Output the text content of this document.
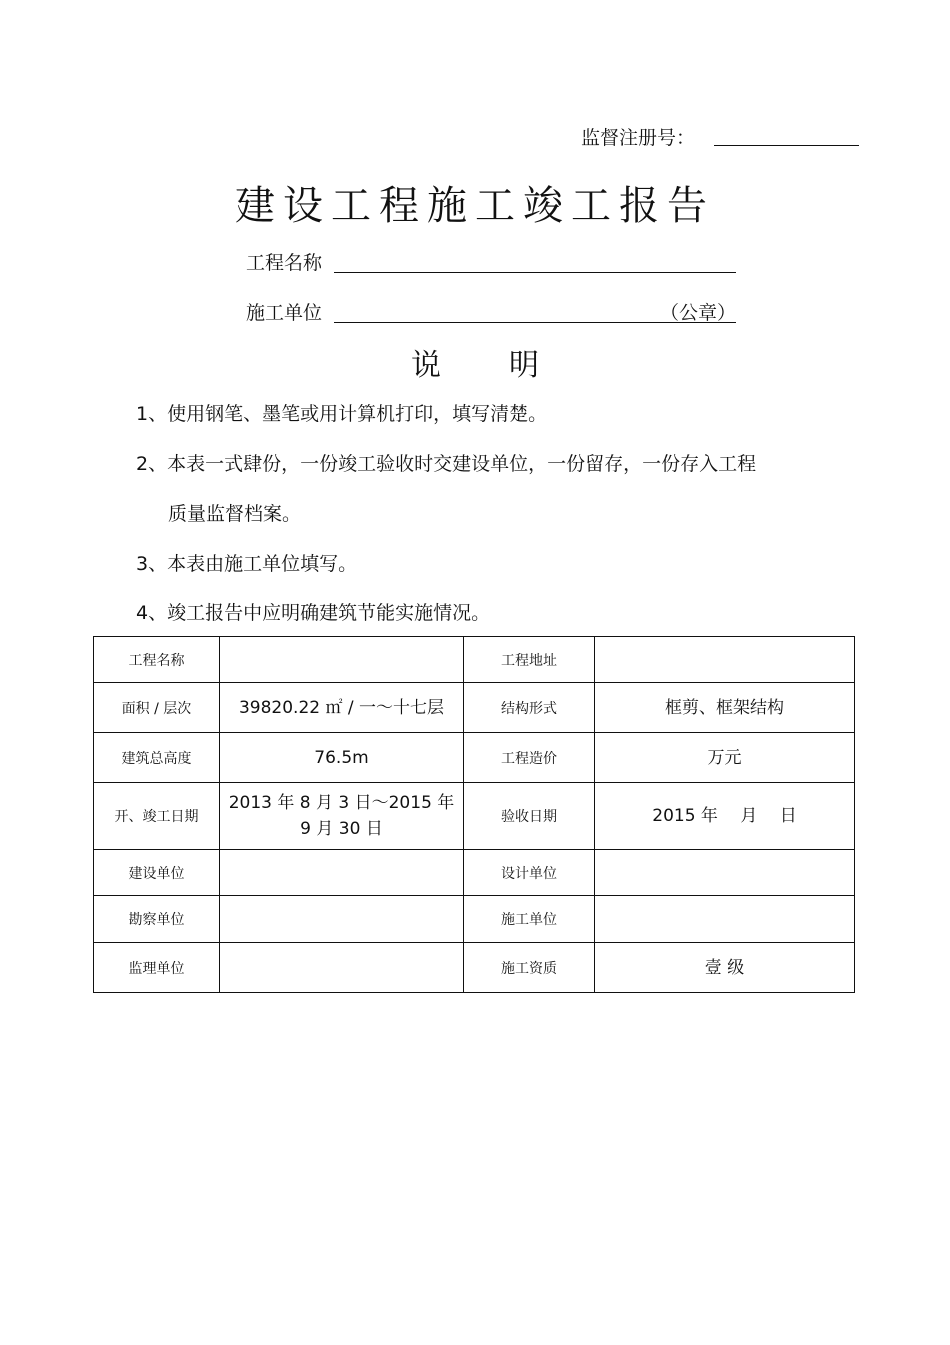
监督注册号：
建设工程施工竣工报告
工程名称
施工单位	（公章）
说明
1、使用钢笔、墨笔或用计算机打印，填写清楚。
2、本表一式肆份，一份竣工验收时交建设单位，一份留存，一份存入工程
质量监督档案。
3、本表由施工单位填写。
4、竣工报告中应明确建筑节能实施情况。
工程名称		工程地址	
面积 / 层次	39820.22 ㎡ / 一～十七层	结构形式	框剪、框架结构
建筑总高度	76.5m	工程造价	万元
开、竣工日期	2013 年 8 月 3 日～2015 年 9 月 30 日	验收日期	2015 年　 月　 日
建设单位		设计单位	
勘察单位		施工单位	
监理单位		施工资质	壹 级
